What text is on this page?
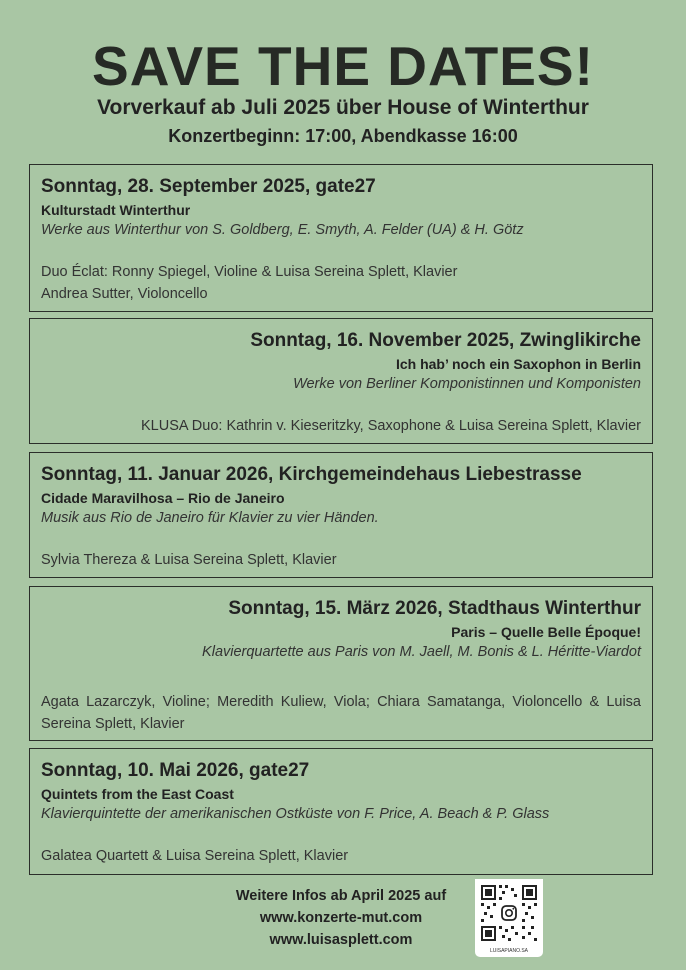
SAVE THE DATES!
Vorverkauf ab Juli 2025 über House of Winterthur
Konzertbeginn: 17:00, Abendkasse 16:00
Sonntag, 28. September 2025, gate27
Kulturstadt Winterthur
Werke aus Winterthur von S. Goldberg, E. Smyth, A. Felder (UA) & H. Götz
Duo Éclat: Ronny Spiegel, Violine & Luisa Sereina Splett, Klavier
Andrea Sutter, Violoncello
Sonntag, 16. November 2025, Zwinglikirche
Ich hab’ noch ein Saxophon in Berlin
Werke von Berliner Komponistinnen und Komponisten
KLUSA Duo: Kathrin v. Kieseritzky, Saxophone & Luisa Sereina Splett, Klavier
Sonntag, 11. Januar 2026, Kirchgemeindehaus Liebestrasse
Cidade Maravilhosa – Rio de Janeiro
Musik aus Rio de Janeiro für Klavier zu vier Händen.
Sylvia Thereza & Luisa Sereina Splett, Klavier
Sonntag, 15. März 2026, Stadthaus Winterthur
Paris – Quelle Belle Époque!
Klavierquartette aus Paris von M. Jaell, M. Bonis & L. Héritte-Viardot
Agata Lazarczyk, Violine; Meredith Kuliew, Viola; Chiara Samatanga, Violoncello & Luisa Sereina Splett, Klavier
Sonntag, 10. Mai 2026, gate27
Quintets from the East Coast
Klavierquintette der amerikanischen Ostküste von F. Price, A. Beach & P. Glass
Galatea Quartett & Luisa Sereina Splett, Klavier
Weitere Infos ab April 2025 auf
www.konzerte-mut.com
www.luisasplett.com
LUISAPIANO.SA
